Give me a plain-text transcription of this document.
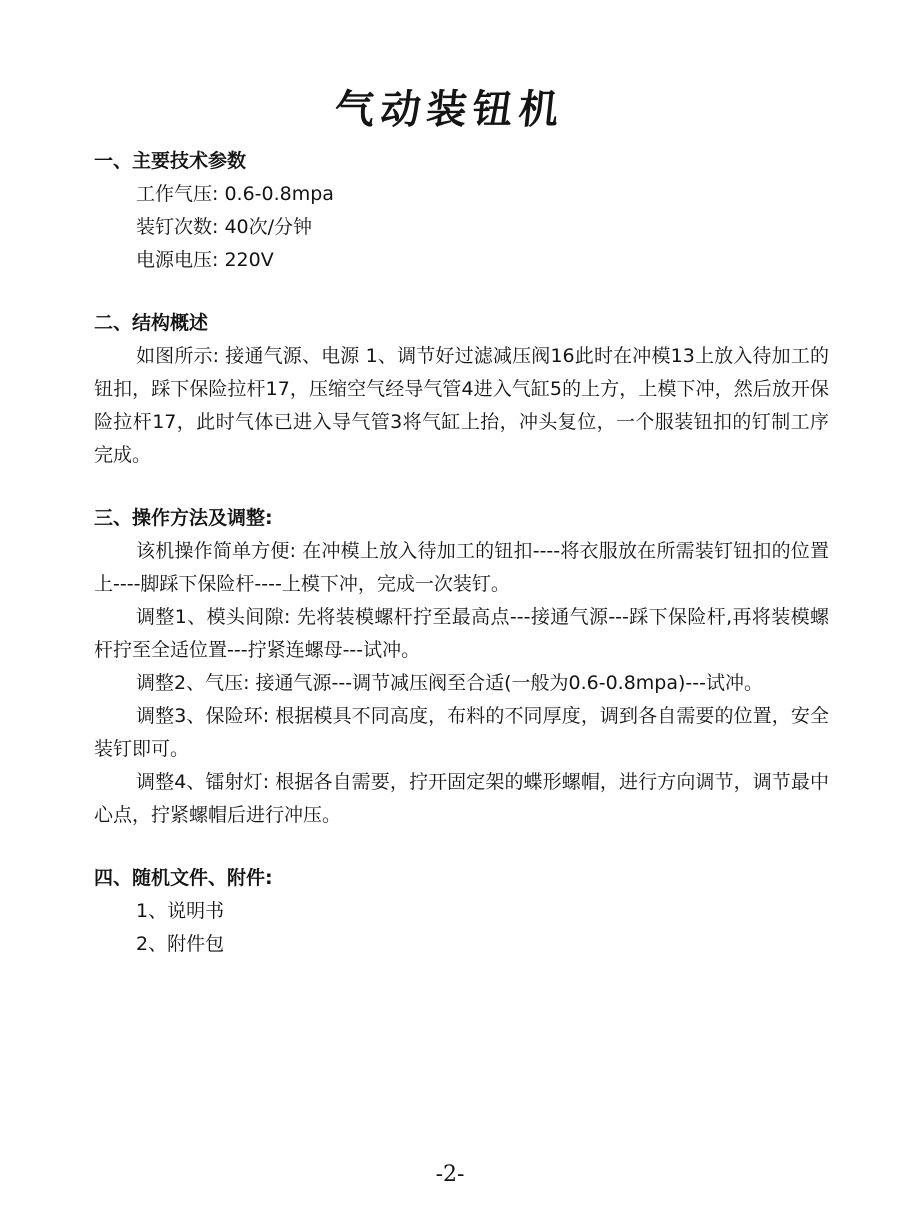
气动装钮机

一、主要技术参数

工作气压: 0.6-0.8mpa

装钉次数: 40次/分钟

电源电压: 220V

二、结构概述

如图所示: 接通气源、电源 1、调节好过滤减压阀16此时在冲模13上放入待加工的钮扣，踩下保险拉杆17，压缩空气经导气管4进入气缸5的上方，上模下冲，然后放开保险拉杆17，此时气体已进入导气管3将气缸上抬，冲头复位，一个服装钮扣的钉制工序完成。

三、操作方法及调整:

该机操作简单方便: 在冲模上放入待加工的钮扣----将衣服放在所需装钉钮扣的位置上----脚踩下保险杆----上模下冲，完成一次装钉。

调整1、模头间隙: 先将装模螺杆拧至最高点---接通气源---踩下保险杆,再将装模螺杆拧至全适位置---拧紧连螺母---试冲。

调整2、气压: 接通气源---调节减压阀至合适(一般为0.6-0.8mpa)---试冲。

调整3、保险环: 根据模具不同高度，布料的不同厚度，调到各自需要的位置，安全装钉即可。

调整4、镭射灯: 根据各自需要，拧开固定架的蝶形螺帽，进行方向调节，调节最中心点，拧紧螺帽后进行冲压。

四、随机文件、附件:

1、说明书

2、附件包

-2-
